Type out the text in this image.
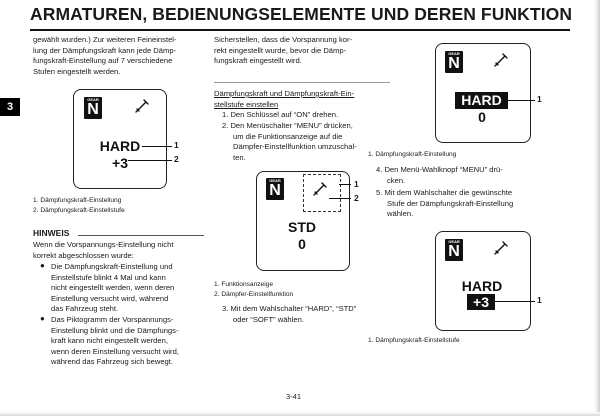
ARMATUREN, BEDIENUNGSELEMENTE UND DEREN FUNKTION
3
gewählt wurden.) Zur weiteren Feineinstel-
lung der Dämpfungskraft kann jede Dämp-
fungskraft-Einstellung auf 7 verschiedene
Stufen eingestellt werden.
GEAR
N
HARD
+3
1
2
1. Dämpfungskraft-Einstellung
2. Dämpfungskraft-Einstellstufe
HINWEIS
Wenn die Vorspannungs-Einstellung nicht
korrekt abgeschlossen wurde:
● Die Dämpfungskraft-Einstellung und
Einstellstufe blinkt 4 Mal und kann
nicht eingestellt werden, wenn deren
Einstellung versucht wird, während
das Fahrzeug steht.
● Das Piktogramm der Vorspannungs-
Einstellung blinkt und die Dämpfungs-
kraft kann nicht eingestellt werden,
wenn deren Einstellung versucht wird,
während das Fahrzeug sich bewegt.
Sicherstellen, dass die Vorspannung kor-
rekt eingestellt wurde, bevor die Dämp-
fungskraft eingestellt wird.
Dämpfungskraft und Dämpfungskraft-Ein-
stellstufe einstellen
1. Den Schlüssel auf “ON” drehen.
2. Den Menüschalter “MENU” drücken,
um die Funktionsanzeige auf die
Dämpfer-Einstellfunktion umzuschal-
ten.
GEAR
N
STD
0
1
2
1. Funktionsanzeige
2. Dämpfer-Einstellfunktion
3. Mit dem Wahlschalter “HARD”, “STD”
oder “SOFT” wählen.
GEAR
N
HARD
0
1
1. Dämpfungskraft-Einstellung
4. Den Menü-Wahlknopf “MENU” drü-
cken.
5. Mit dem Wahlschalter die gewünschte
Stufe der Dämpfungskraft-Einstellung
wählen.
GEAR
N
HARD
+3	1
1. Dämpfungskraft-Einstellstufe
3-41
